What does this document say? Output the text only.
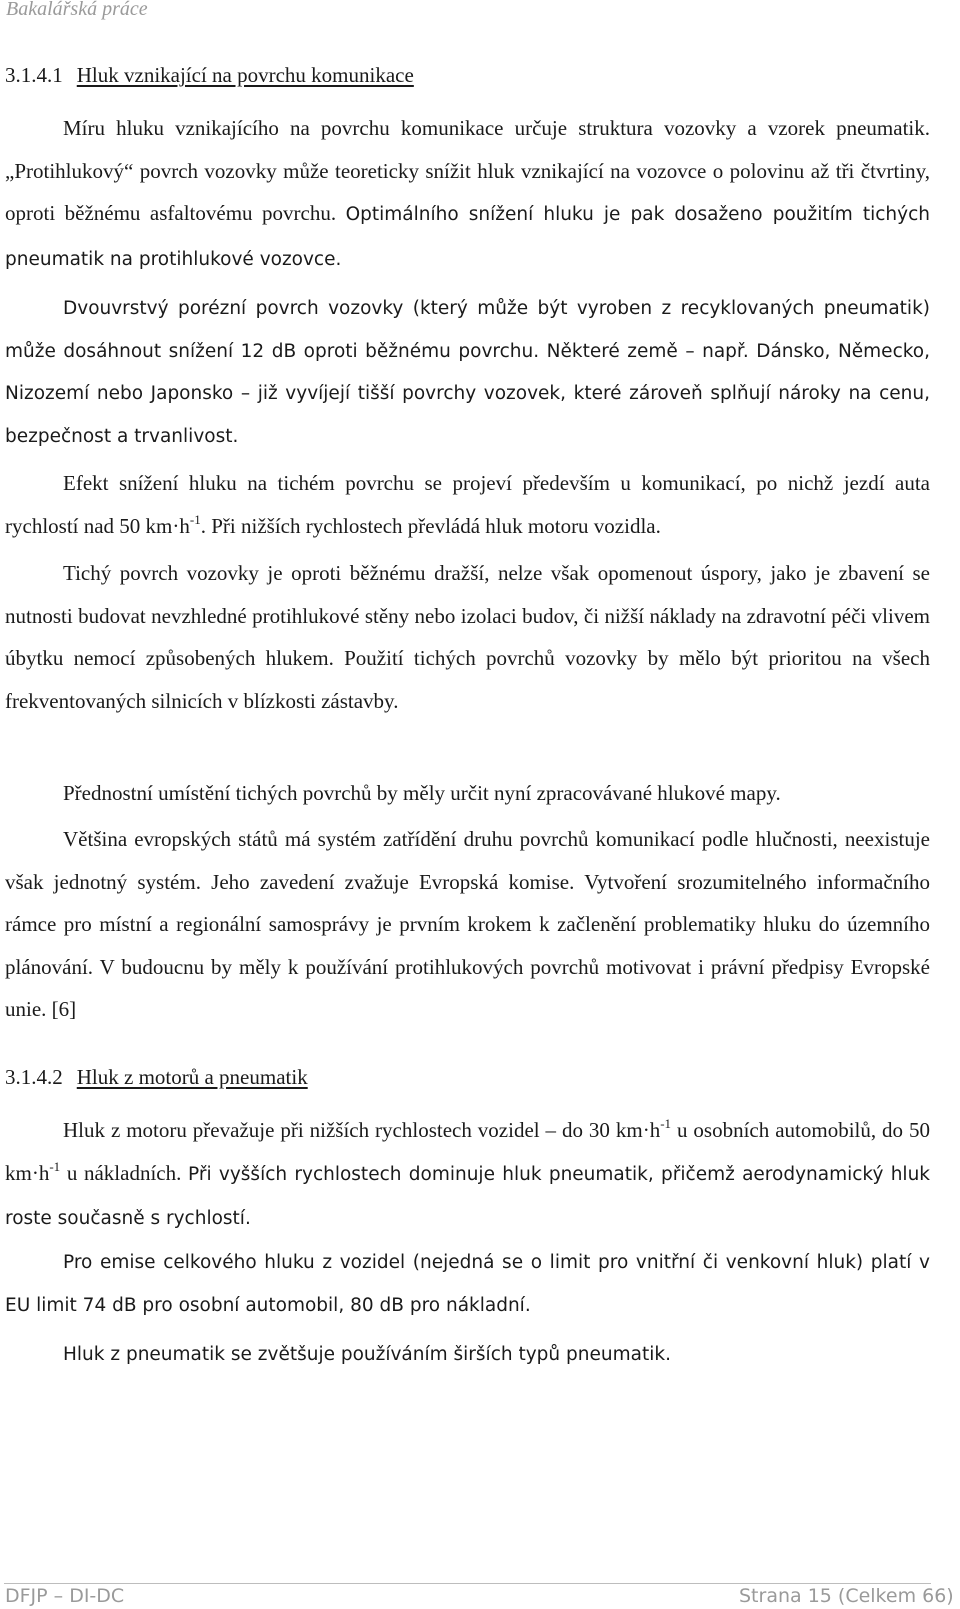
Bakalářská práce
3.1.4.1 Hluk vznikající na povrchu komunikace

Míru hluku vznikajícího na povrchu komunikace určuje struktura vozovky a vzorek pneumatik. „Protihlukový“ povrch vozovky může teoreticky snížit hluk vznikající na vozovce o polovinu až tři čtvrtiny, oproti běžnému asfaltovému povrchu. Optimálního snížení hluku je pak dosaženo použitím tichých pneumatik na protihlukové vozovce.

Dvouvrstvý porézní povrch vozovky (který může být vyroben z recyklovaných pneumatik) může dosáhnout snížení 12 dB oproti běžnému povrchu. Některé země – např. Dánsko, Německo, Nizozemí nebo Japonsko – již vyvíjejí tišší povrchy vozovek, které zároveň splňují nároky na cenu, bezpečnost a trvanlivost.

Efekt snížení hluku na tichém povrchu se projeví především u komunikací, po nichž jezdí auta rychlostí nad 50 $km\cdot h^{-1}$. Při nižších rychlostech převládá hluk motoru vozidla.

Tichý povrch vozovky je oproti běžnému dražší, nelze však opomenout úspory, jako je zbavení se nutnosti budovat nevzhledné protihlukové stěny nebo izolaci budov, či nižší náklady na zdravotní péči vlivem úbytku nemocí způsobených hlukem. Použití tichých povrchů vozovky by mělo být prioritou na všech frekventovaných silnicích v blízkosti zástavby.

Přednostní umístění tichých povrchů by měly určit nyní zpracovávané hlukové mapy.

Většina evropských států má systém zatřídění druhu povrchů komunikací podle hlučnosti, neexistuje však jednotný systém. Jeho zavedení zvažuje Evropská komise. Vytvoření srozumitelného informačního rámce pro místní a regionální samosprávy je prvním krokem k začlenění problematiky hluku do územního plánování. V budoucnu by měly k používání protihlukových povrchů motivovat i právní předpisy Evropské unie. [6]

3.1.4.2 Hluk z motorů a pneumatik

Hluk z motoru převažuje při nižších rychlostech vozidel – do 30 $km\cdot h^{-1}$ u osobních automobilů, do 50 $km\cdot h^{-1}$ u nákladních. Při vyšších rychlostech dominuje hluk pneumatik, přičemž aerodynamický hluk roste současně s rychlostí.

Pro emise celkového hluku z vozidel (nejedná se o limit pro vnitřní či venkovní hluk) platí v EU limit 74 dB pro osobní automobil, 80 dB pro nákladní.

Hluk z pneumatik se zvětšuje používáním širších typů pneumatik.

DFJP – DI-DC	Strana 15 (Celkem 66)
